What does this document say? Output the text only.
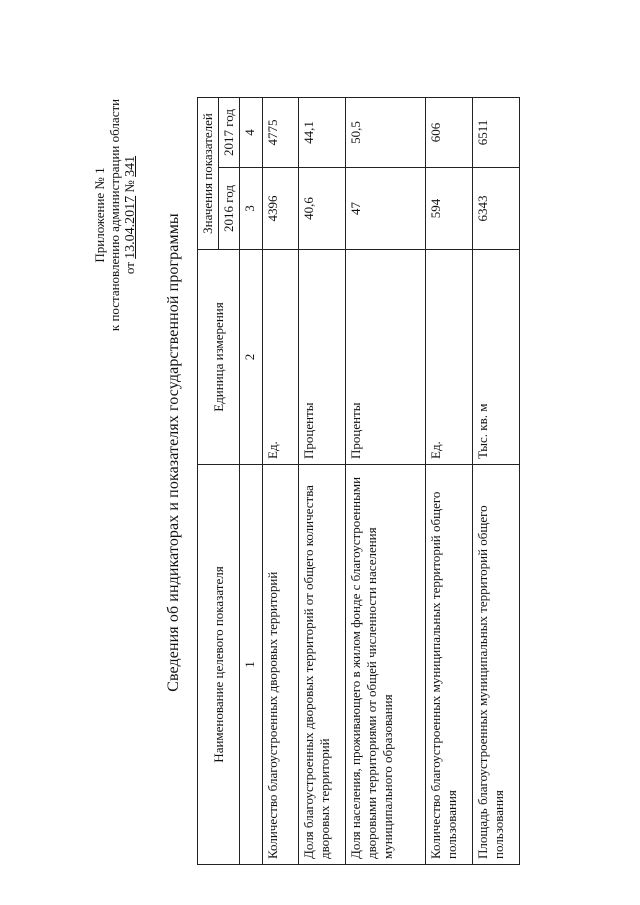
Приложение № 1 к постановлению администрации области от 13.04.2017 № 341
Сведения об индикаторах и показателях государственной программы Наименование целевого показателя	Единица измерения	Значения показателей	
		2016 год	2017 год
1	2	3	4
Количество благоустроенных дворовых территорий	Ед.	4396	4775
Доля благоустроенных дворовых территорий от общего количества дворовых территорий	Проценты	40,6	44,1
Доля населения, проживающего в жилом фонде с благоустроенными дворовыми территориями от общей численности населения муниципального образования	Проценты	47	50,5
Количество благоустроенных муниципальных территорий общего пользования	Ед.	594	606
Площадь благоустроенных муниципальных территорий общего пользования	Тыс. кв. м	6343	6511
